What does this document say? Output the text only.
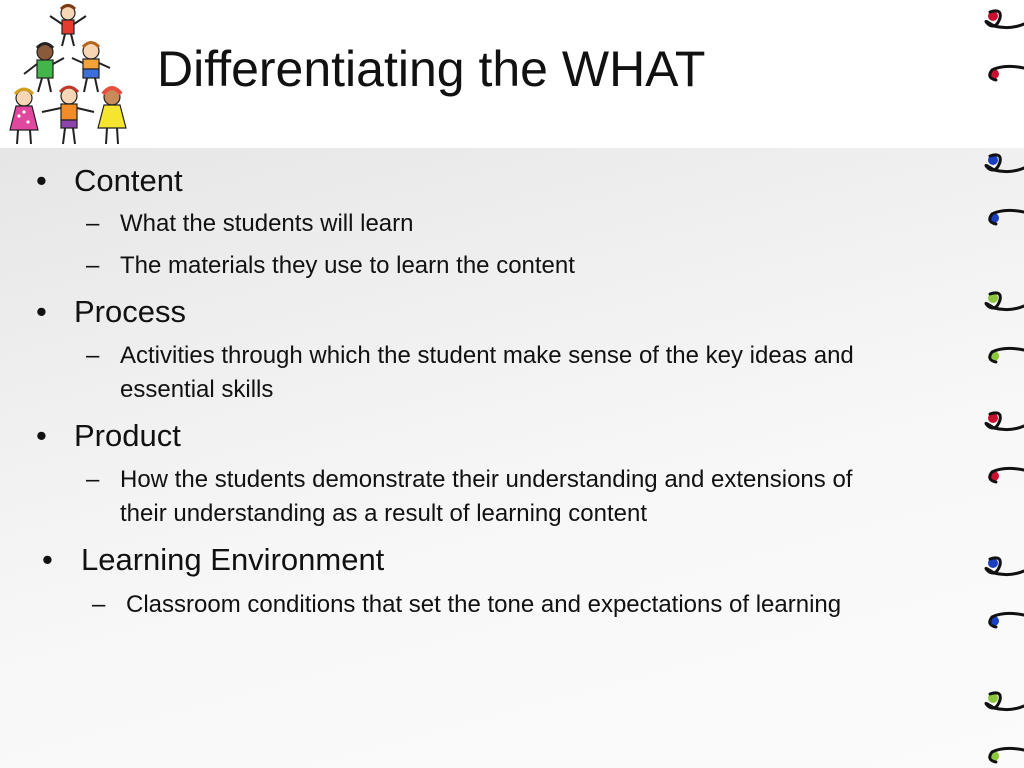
Differentiating the WHAT
• Content
– What the students will learn
– The materials they use to learn the content
• Process
– Activities through which the student make sense of the key ideas and
essential skills
• Product
– How the students demonstrate their understanding and extensions of
their understanding as a result of learning content
• Learning Environment
– Classroom conditions that set the tone and expectations of learning
